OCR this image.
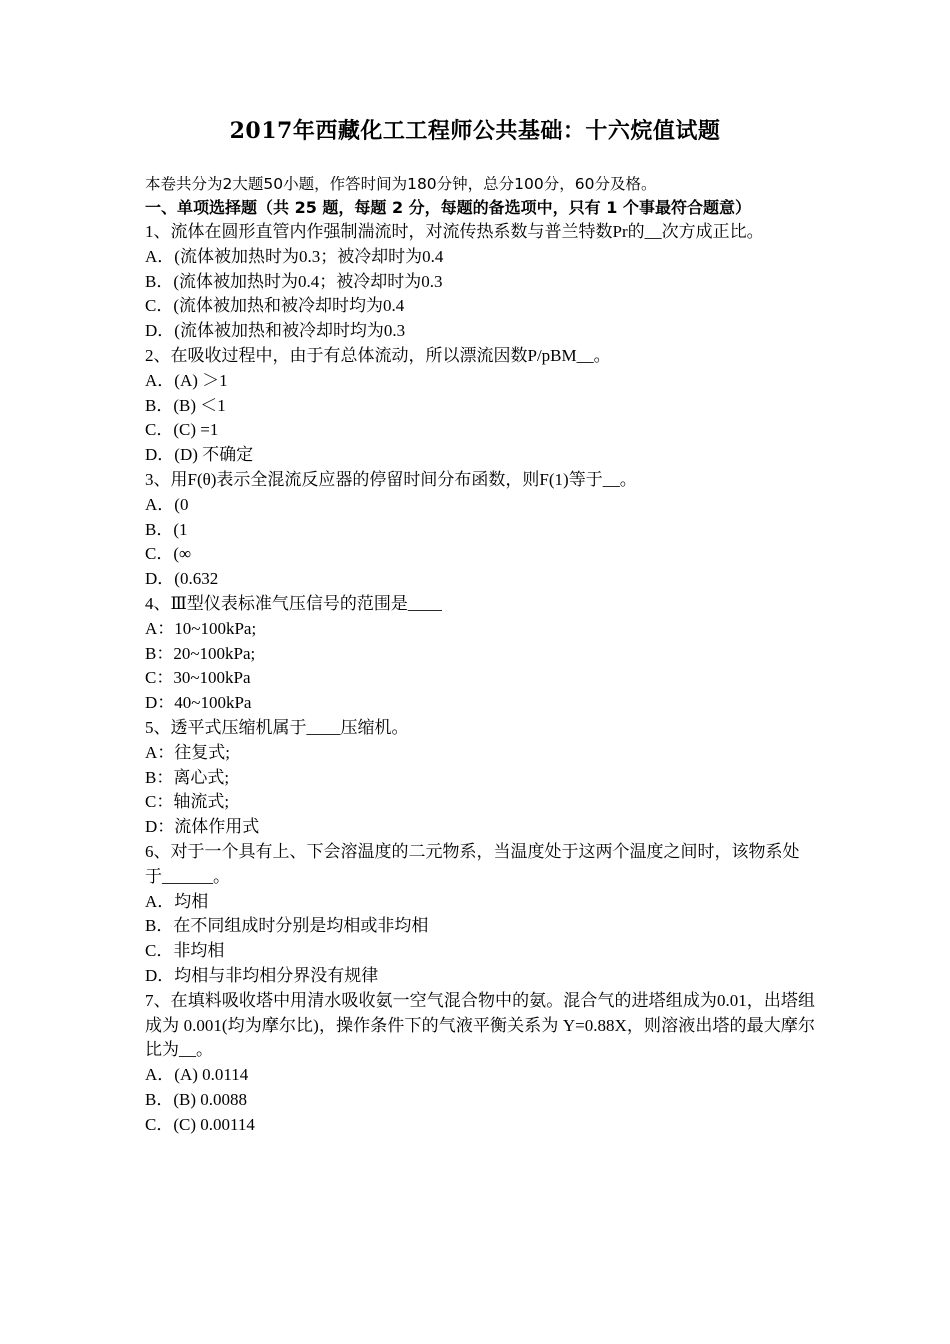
2017年西藏化工工程师公共基础：十六烷值试题

本卷共分为2大题50小题，作答时间为180分钟，总分100分，60分及格。

一、单项选择题（共 25 题，每题 2 分，每题的备选项中，只有 1 个事最符合题意）

1、流体在圆形直管内作强制湍流时，对流传热系数与普兰特数Pr的__次方成正比。

A．(流体被加热时为0.3；被冷却时为0.4

B．(流体被加热时为0.4；被冷却时为0.3

C．(流体被加热和被冷却时均为0.4

D．(流体被加热和被冷却时均为0.3

2、在吸收过程中，由于有总体流动，所以漂流因数P/pBM__。

A．(A) ＞1

B．(B) ＜1

C．(C) =1

D．(D) 不确定

3、用F(θ)表示全混流反应器的停留时间分布函数，则F(1)等于__。

A．(0

B．(1

C．(∞

D．(0.632

4、Ⅲ型仪表标准气压信号的范围是____

A：10~100kPa;

B：20~100kPa;

C：30~100kPa

D：40~100kPa

5、透平式压缩机属于____压缩机。

A：往复式;

B：离心式;

C：轴流式;

D：流体作用式

6、对于一个具有上、下会溶温度的二元物系，当温度处于这两个温度之间时，该物系处于______。

A．均相

B．在不同组成时分别是均相或非均相

C．非均相

D．均相与非均相分界没有规律

7、在填料吸收塔中用清水吸收氨一空气混合物中的氨。混合气的进塔组成为0.01，出塔组成为 0.001(均为摩尔比)，操作条件下的气液平衡关系为 Y=0.88X，则溶液出塔的最大摩尔比为__。

A．(A) 0.0114

B．(B) 0.0088

C．(C) 0.00114
